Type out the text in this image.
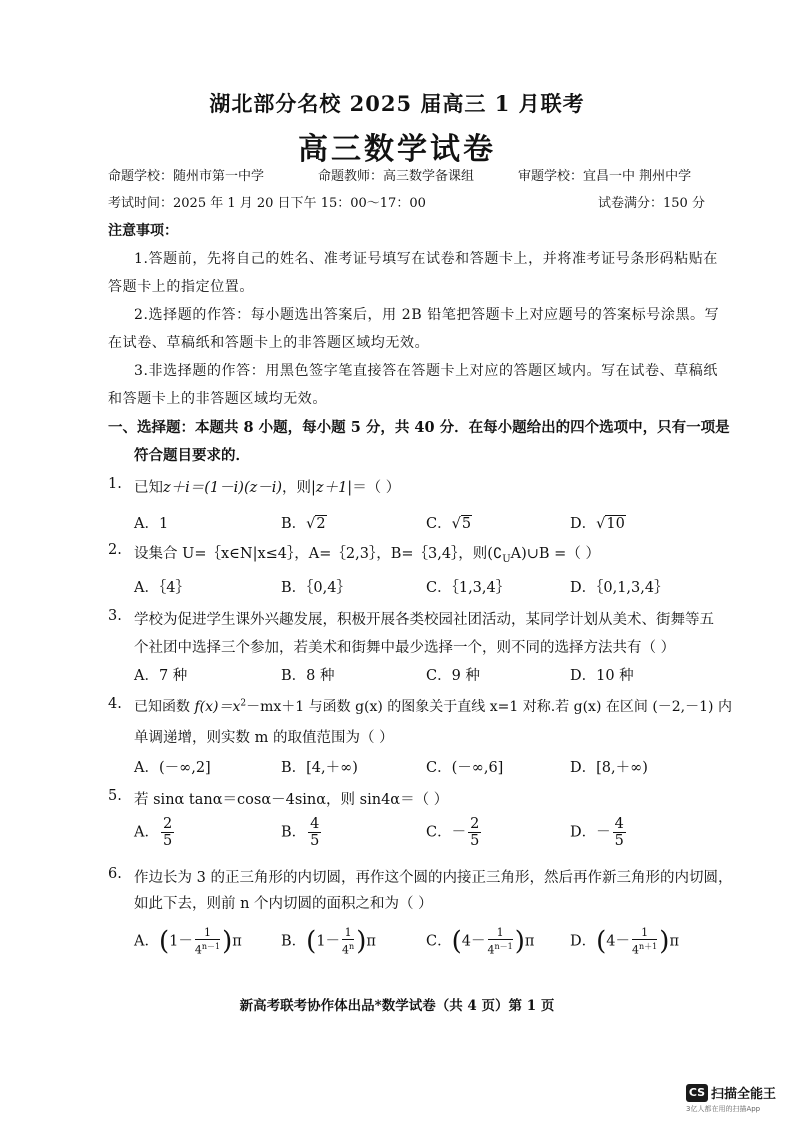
湖北部分名校 2025 届高三 1 月联考
高三数学试卷
命题学校：随州市第一中学	命题教师：高三数学备课组	审题学校：宜昌一中 荆州中学
考试时间：2025 年 1 月 20 日下午 15：00～17：00	试卷满分：150 分
注意事项：
1.答题前，先将自己的姓名、准考证号填写在试卷和答题卡上，并将准考证号条形码粘贴在
答题卡上的指定位置。
2.选择题的作答：每小题选出答案后，用 2B 铅笔把答题卡上对应题号的答案标号涂黑。写
在试卷、草稿纸和答题卡上的非答题区域均无效。
3.非选择题的作答：用黑色签字笔直接答在答题卡上对应的答题区域内。写在试卷、草稿纸
和答题卡上的非答题区域均无效。
一、选择题：本题共 8 小题，每小题 5 分，共 40 分．在每小题给出的四个选项中，只有一项是
符合题目要求的．
1. 已知z＋i＝(1－i)(z－i)，则|z＋1|＝（ ）
A．1	B．√2	C．√5	D．√10
2. 设集合 U=｛x∈N|x≤4｝，A=｛2,3｝，B=｛3,4｝，则$(∁_UA)\cup B$ =（ ）
A．｛4｝	B．｛0,4｝	C．｛1,3,4｝	D．｛0,1,3,4｝
3. 学校为促进学生课外兴趣发展，积极开展各类校园社团活动，某同学计划从美术、街舞等五
个社团中选择三个参加，若美术和街舞中最少选择一个，则不同的选择方法共有（ ）
A．7 种	B．8 种	C．9 种	D．10 种
4. 已知函数 $f(x)=x^2-mx+1$ 与函数 g(x) 的图象关于直线 x=1 对称.若 g(x) 在区间 (－2,－1) 内
单调递增，则实数 m 的取值范围为（ ）
A．(－∞,2]	B．[4,＋∞)	C．(－∞,6]	D．[8,＋∞)
5. 若 sinα tanα＝cosα－4sinα，则 sin4α＝（ ）
A． $\frac{2}{5}$	B． $\frac{4}{5}$	C．－ $\frac{2}{5}$	D．－ $\frac{4}{5}$
6. 作边长为 3 的正三角形的内切圆，再作这个圆的内接正三角形，然后再作新三角形的内切圆，
如此下去，则前 n 个内切圆的面积之和为（ ）
A．$(1- \frac{1}{4^{n-1}} )\pi$	B．$(1- \frac{1}{4^n} )\pi$	C．$(4- \frac{1}{4^{n-1}} )\pi$ D．$(4- \frac{1}{4^{n+1}} )\pi$
新高考联考协作体出品*数学试卷（共 4 页）第 1 页
CS 扫描全能王
3亿人都在用的扫描App
